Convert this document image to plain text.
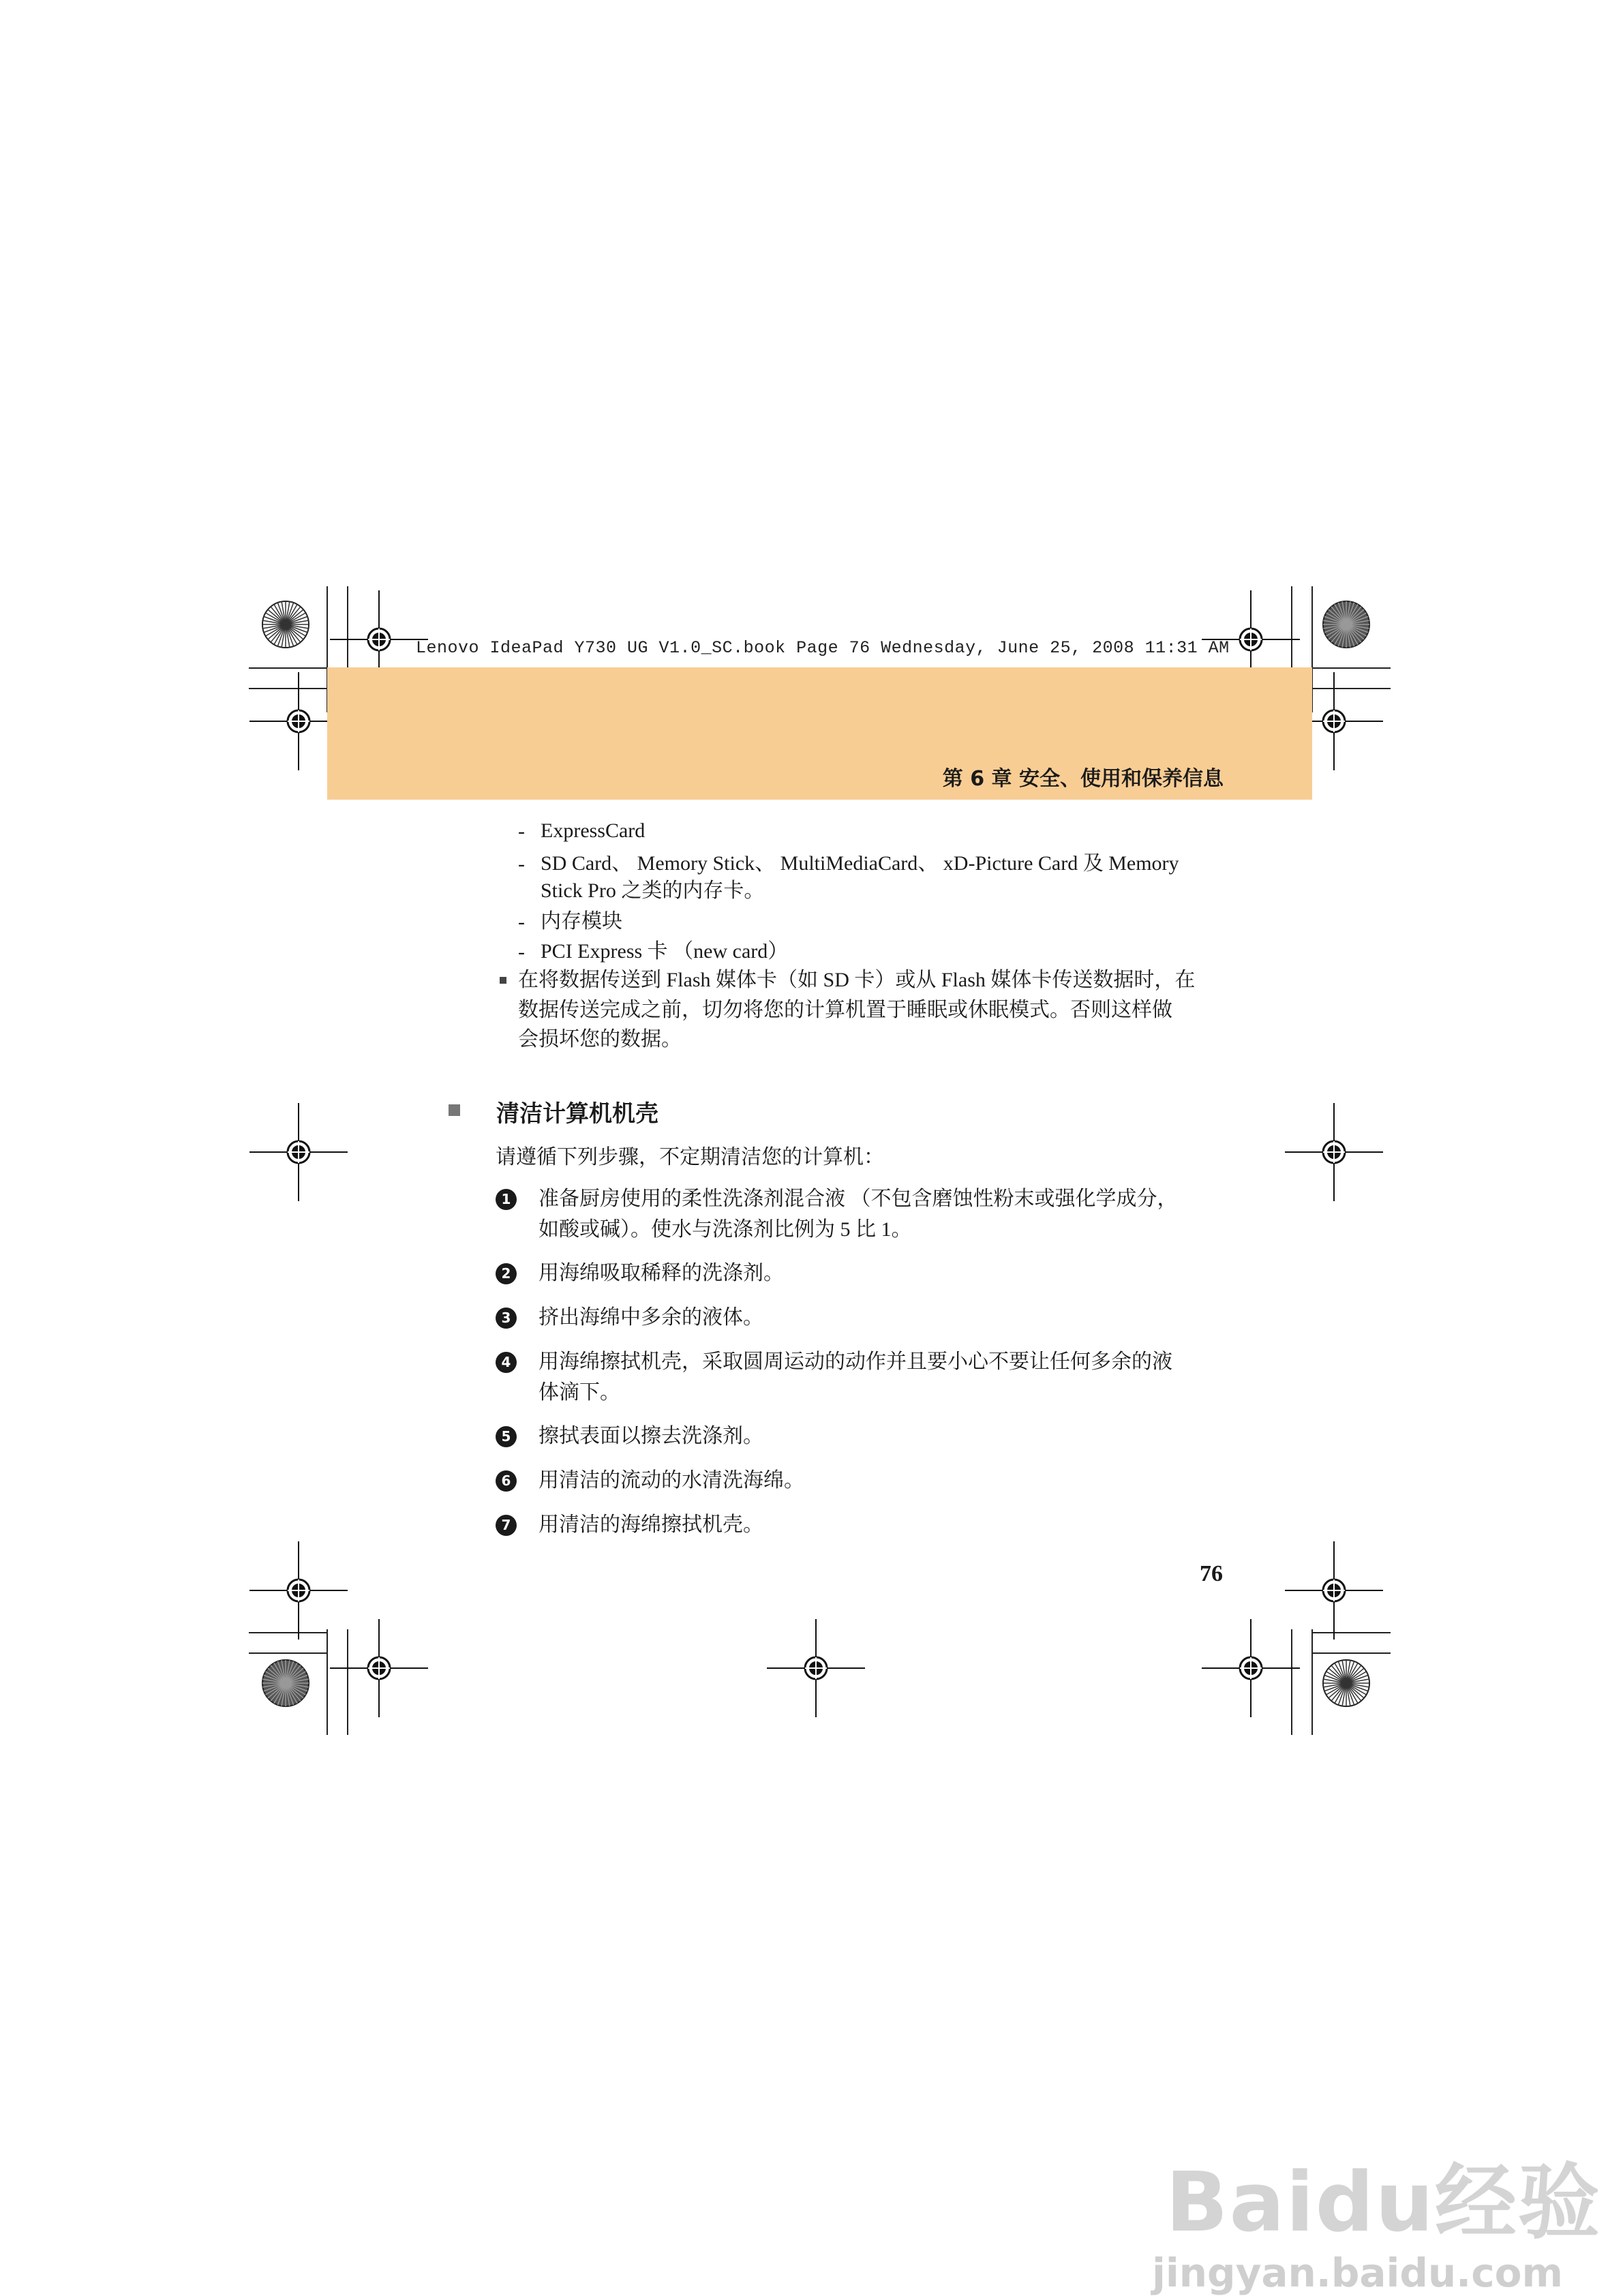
Lenovo IdeaPad Y730 UG V1.0_SC.book Page 76 Wednesday, June 25, 2008 11:31 AM
第 6 章 安全、使用和保养信息
- ExpressCard
- SD Card、 Memory Stick、 MultiMediaCard、 xD-Picture Card 及 Memory
Stick Pro 之类的内存卡。
- 内存模块
- PCI Express 卡 （new card）
在将数据传送到 Flash 媒体卡（如 SD 卡）或从 Flash 媒体卡传送数据时，在
数据传送完成之前，切勿将您的计算机置于睡眠或休眠模式。否则这样做
会损坏您的数据。
清洁计算机机壳
请遵循下列步骤，不定期清洁您的计算机：
1 准备厨房使用的柔性洗涤剂混合液 （不包含磨蚀性粉末或强化学成分，
如酸或碱）。使水与洗涤剂比例为 5 比 1。
2 用海绵吸取稀释的洗涤剂。
3 挤出海绵中多余的液体。
4 用海绵擦拭机壳，采取圆周运动的动作并且要小心不要让任何多余的液
体滴下。
5 擦拭表面以擦去洗涤剂。
6 用清洁的流动的水清洗海绵。
7 用清洁的海绵擦拭机壳。
76
Baidu经验
jingyan.baidu.com
